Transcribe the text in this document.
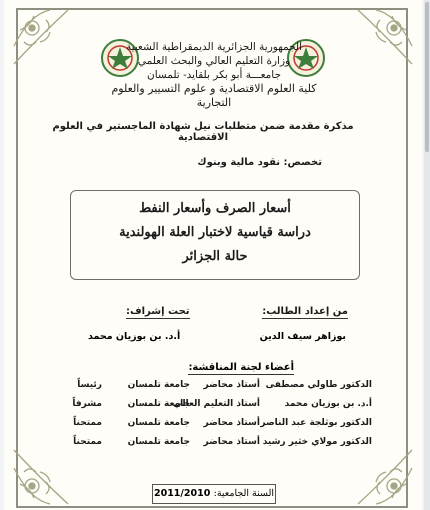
الجمهورية الجزائرية الديمقراطية الشعبية
وزارة التعليم العالي والبحث العلمي
جامعـــة أبو بكر بلقايد- تلمسان
كلية العلوم الاقتصادية و علوم التسيير والعلوم التجارية
مذكرة مقدمة ضمن متطلبات نيل شهادة الماجستير في العلوم الاقتصادية
تخصص: نقود مالية وبنوك
أسعار الصرف وأسعار النفط
دراسة قياسية لاختبار العلة الهولندية
حالة الجزائر
من إعداد الطالب:
تحت إشراف:
بوزاهر سيف الدين
أ.د. بن بوزيان محمد
أعضاء لجنة المناقشة:
الدكتور طاولي مصطفى
أستاذ محاضر
جامعة تلمسان
رئيساً
أ.د. بن بوزيان محمد
أستاذ التعليم العالي
جامعة تلمسان
مشرفاً
الدكتور بوثلجة عبد الناصر
أستاذ محاضر
جامعة تلمسان
ممتحناً
الدكتور مولاي خثير رشيد
أستاذ محاضر
جامعة تلمسان
ممتحناً
السنة الجامعية: 2011/2010
